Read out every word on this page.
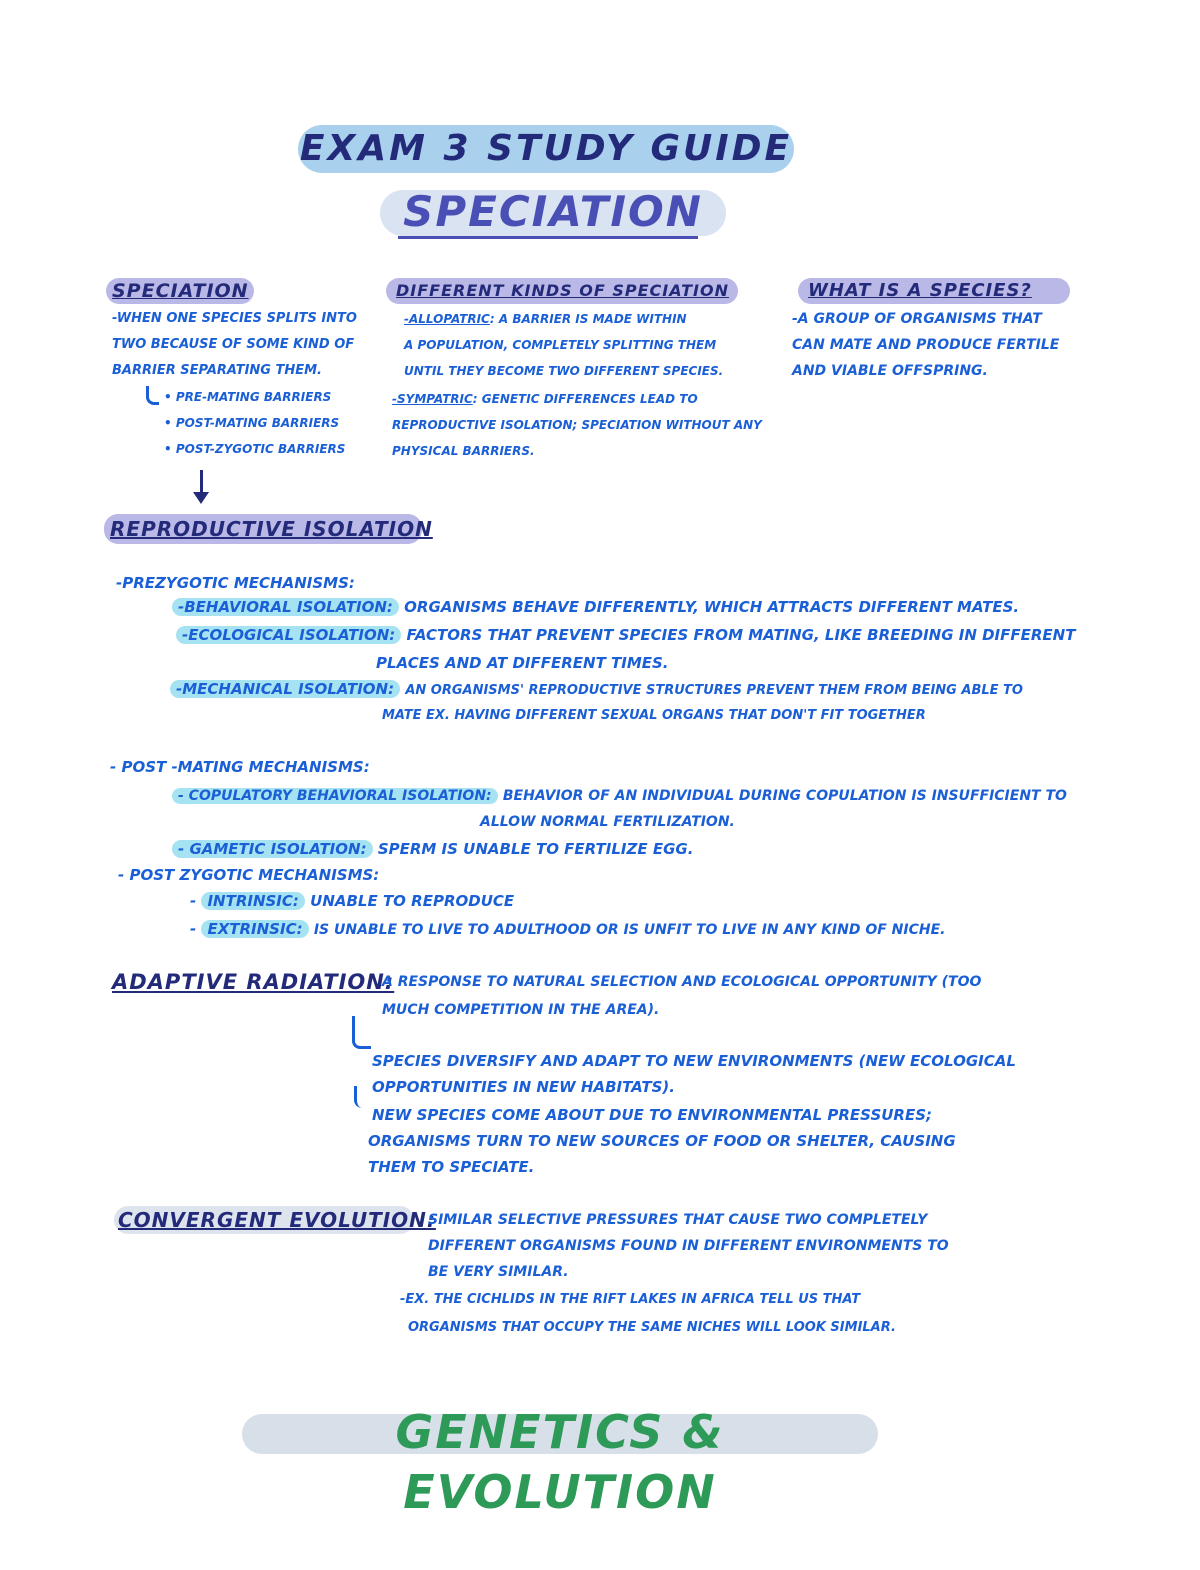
EXAM 3 STUDY GUIDE
SPECIATION
SPECIATION
-WHEN ONE SPECIES SPLITS INTO
TWO BECAUSE OF SOME KIND OF
BARRIER SEPARATING THEM.
• PRE-MATING BARRIERS
• POST-MATING BARRIERS
• POST-ZYGOTIC BARRIERS
DIFFERENT KINDS OF SPECIATION
-ALLOPATRIC: A BARRIER IS MADE WITHIN
A POPULATION, COMPLETELY SPLITTING THEM
UNTIL THEY BECOME TWO DIFFERENT SPECIES.
-SYMPATRIC: GENETIC DIFFERENCES LEAD TO
REPRODUCTIVE ISOLATION; SPECIATION WITHOUT ANY
PHYSICAL BARRIERS.
WHAT IS A SPECIES?
-A GROUP OF ORGANISMS THAT
CAN MATE AND PRODUCE FERTILE
AND VIABLE OFFSPRING.
REPRODUCTIVE ISOLATION
-PREZYGOTIC MECHANISMS:
-BEHAVIORAL ISOLATION: ORGANISMS BEHAVE DIFFERENTLY, WHICH ATTRACTS DIFFERENT MATES.
-ECOLOGICAL ISOLATION: FACTORS THAT PREVENT SPECIES FROM MATING, LIKE BREEDING IN DIFFERENT
PLACES AND AT DIFFERENT TIMES.
-MECHANICAL ISOLATION: AN ORGANISMS' REPRODUCTIVE STRUCTURES PREVENT THEM FROM BEING ABLE TO
MATE EX. HAVING DIFFERENT SEXUAL ORGANS THAT DON'T FIT TOGETHER
- POST -MATING MECHANISMS:
- COPULATORY BEHAVIORAL ISOLATION: BEHAVIOR OF AN INDIVIDUAL DURING COPULATION IS INSUFFICIENT TO
ALLOW NORMAL FERTILIZATION.
- GAMETIC ISOLATION: SPERM IS UNABLE TO FERTILIZE EGG.
- POST ZYGOTIC MECHANISMS:
- INTRINSIC: UNABLE TO REPRODUCE
- EXTRINSIC: IS UNABLE TO LIVE TO ADULTHOOD OR IS UNFIT TO LIVE IN ANY KIND OF NICHE.
ADAPTIVE RADIATION:
A RESPONSE TO NATURAL SELECTION AND ECOLOGICAL OPPORTUNITY (TOO
MUCH COMPETITION IN THE AREA).
SPECIES DIVERSIFY AND ADAPT TO NEW ENVIRONMENTS (NEW ECOLOGICAL
OPPORTUNITIES IN NEW HABITATS).
NEW SPECIES COME ABOUT DUE TO ENVIRONMENTAL PRESSURES;
ORGANISMS TURN TO NEW SOURCES OF FOOD OR SHELTER, CAUSING
THEM TO SPECIATE.
CONVERGENT EVOLUTION:
SIMILAR SELECTIVE PRESSURES THAT CAUSE TWO COMPLETELY
DIFFERENT ORGANISMS FOUND IN DIFFERENT ENVIRONMENTS TO
BE VERY SIMILAR.
-EX. THE CICHLIDS IN THE RIFT LAKES IN AFRICA TELL US THAT
ORGANISMS THAT OCCUPY THE SAME NICHES WILL LOOK SIMILAR.
GENETICS & EVOLUTION
